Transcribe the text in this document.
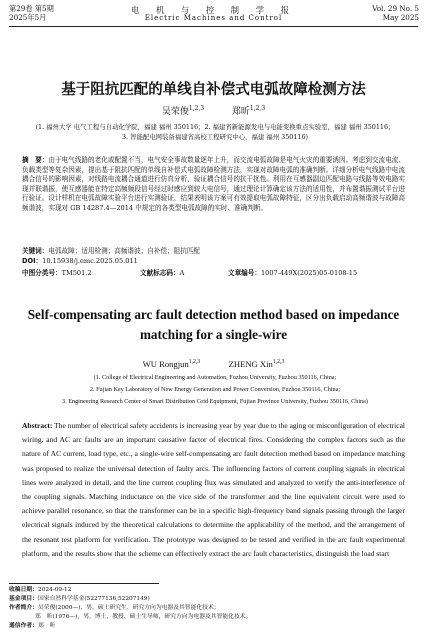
第29卷 第5期
2025年5月
电 机 与 控 制 学 报
Electric Machines and Control
Vol. 29 No. 5
May 2025
基于阻抗匹配的单线自补偿式电弧故障检测方法
吴荣俊$^{1,2,3}$	郑昕$^{1,2,3}$
(1. 福州大学 电气工程与自动化学院，福建 福州 350116；2. 福建省新能源发电与电能变换重点实验室，福建 福州 350116；
3. 智能配电网装备福建省高校工程研究中心，福建 福州 350116)
摘　要：由于电气线路的老化或配置不当，电气安全事故数量逐年上升，而交流电弧故障是电气火灾的重要诱因。考虑到交流电流、负载类型等复杂因素，提出基于阻抗匹配的单线自补偿式电弧故障检测方法，实现对故障电弧的准确判断。详细分析电气线路中电流耦合信号的影响因素，对线路电流耦合通道进行仿真分析，验证耦合信号的抗干扰性。利用在互感器副边匹配电路与线路等效电路实现并联谐振，使互感器能在特定高频频段信号经过时感应到较大电信号，通过理论计算确定该方法的适用性，并布置谐振测试平台进行验证。设计样机在电弧故障实验平台进行实测验证，结果表明该方案可有效提取电弧故障特征，区分出负载启动高频谐波与故障高频谐波，实现对 GB 14287.4—2014 中规定的各类型电弧故障的实时、准确判断。
关键词：电弧故障；适用检测；高频谐波；自补偿；阻抗匹配
DOI：10.15938/j.emc.2025.05.011
中图分类号：TM501.2	文献标志码：A	文章编号：1007-449X(2025)05-0108-15
Self-compensating arc fault detection method based on impedance
matching for a single-wire
WU Rongjun$^{1,2,3}$	ZHENG Xin$^{1,2,3}$
(1. College of Electrical Engineering and Automation, Fuzhou University, Fuzhou 350116, China;
2. Fujian Key Laboratory of New Energy Generation and Power Conversion, Fuzhou 350116, China;
3. Engineering Research Center of Smart Distribution Grid Equipment, Fujian Province University, Fuzhou 350116, China)
Abstract: The number of electrical safety accidents is increasing year by year due to the aging or misconfiguration of electrical wiring, and AC arc faults are an important causative factor of electrical fires. Considering the complex factors such as the nature of AC current, load type, etc., a single-wire self-compensating arc fault detection method based on impedance matching was proposed to realize the universal detection of faulty arcs. The influencing factors of current coupling signals in electrical lines were analyzed in detail, and the line current coupling flux was simulated and analyzed to verify the anti-interference of the coupling signals. Matching inductance on the vice side of the transformer and the line equivalent circuit were used to achieve parallel resonance, so that the transformer can be in a specific high-frequency band signals passing through the larger electrical signals induced by the theoretical calculations to determine the applicability of the method, and the arrangement of the resonant test platform for verification. The prototype was designed to be tested and verified in the arc fault experimental platform, and the results show that the scheme can effectively extract the arc fault characteristics, distinguish the load start
收稿日期：2024-09-12
基金项目：国家自然科学基金(52277136,52207149)
作者简介：吴荣俊(2000—)，男，硕士研究生，研究方向为电器及其智能化技术；
郑　昕(1976—)，男，博士，教授，硕士生导师，研究方向为电器及其智能化技术。
通信作者：郑　昕
